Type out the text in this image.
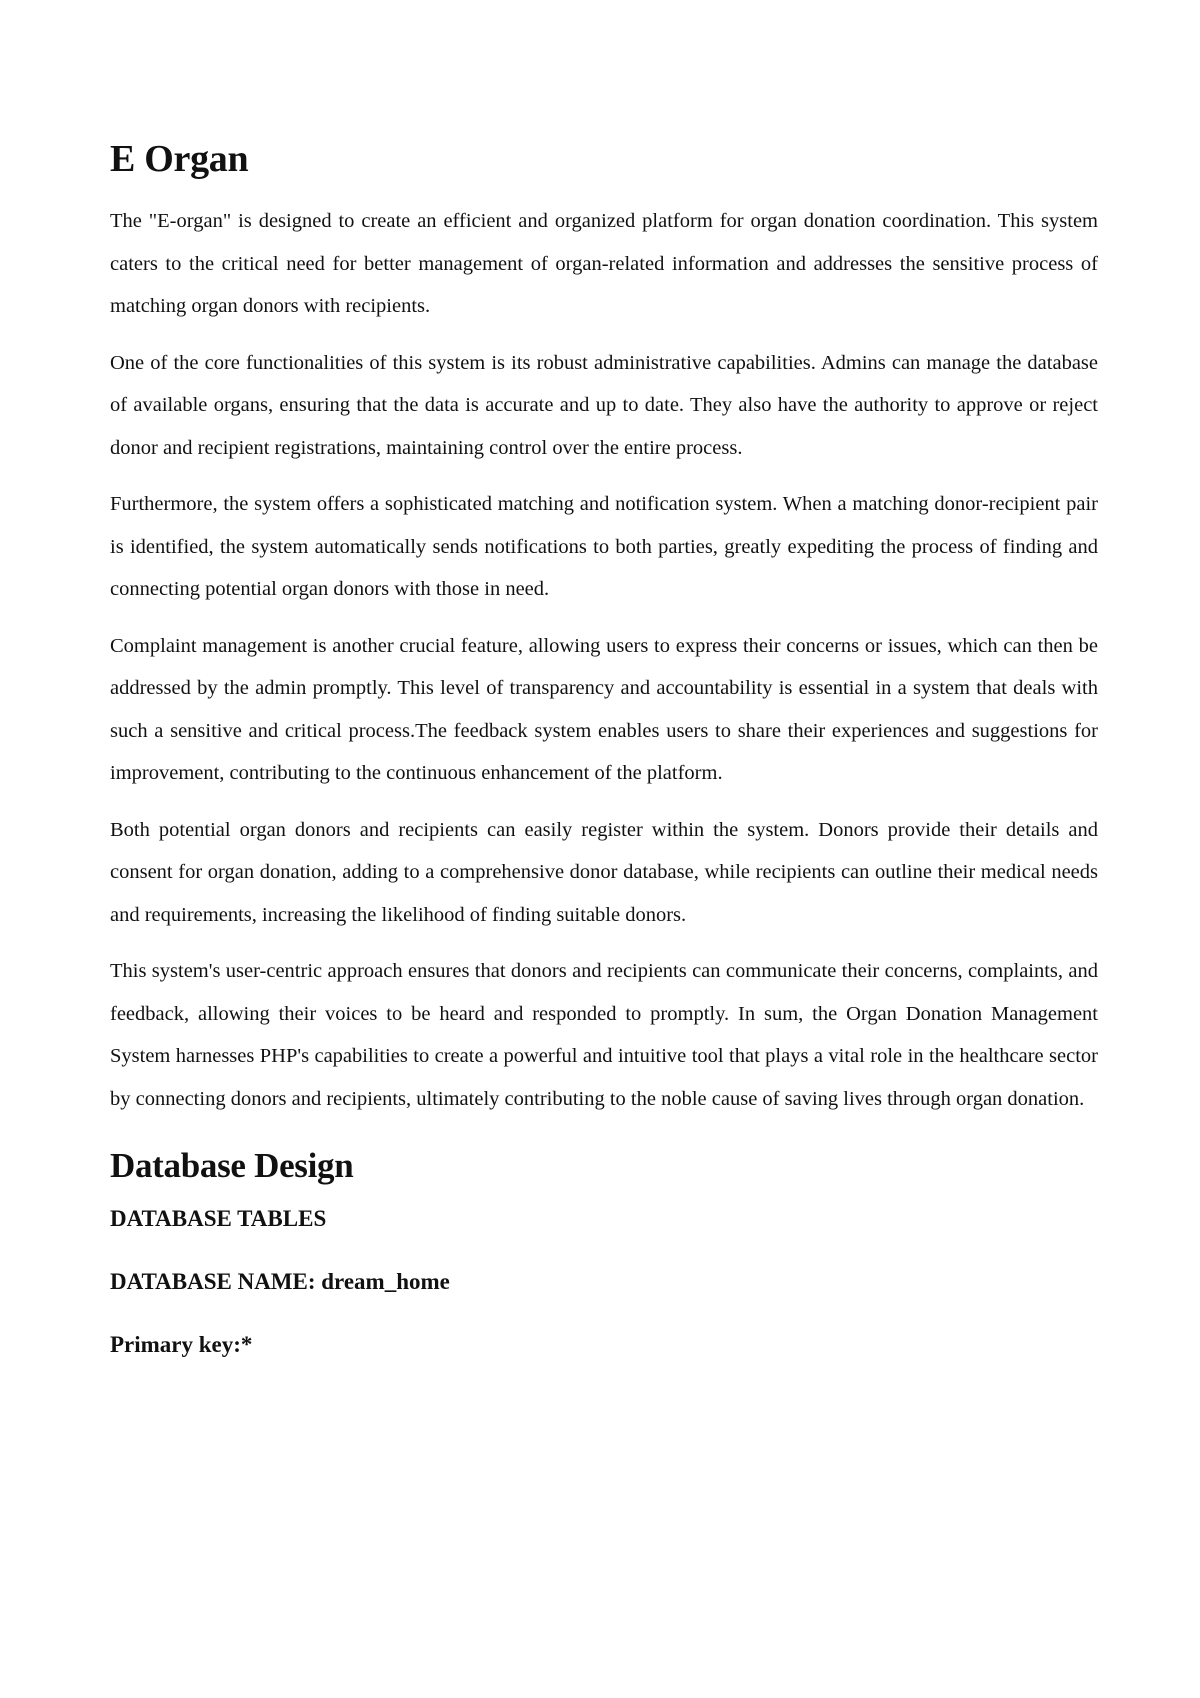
E Organ

The "E-organ" is designed to create an efficient and organized platform for organ donation coordination. This system caters to the critical need for better management of organ-related information and addresses the sensitive process of matching organ donors with recipients.

One of the core functionalities of this system is its robust administrative capabilities. Admins can manage the database of available organs, ensuring that the data is accurate and up to date. They also have the authority to approve or reject donor and recipient registrations, maintaining control over the entire process.

Furthermore, the system offers a sophisticated matching and notification system. When a matching donor-recipient pair is identified, the system automatically sends notifications to both parties, greatly expediting the process of finding and connecting potential organ donors with those in need.

Complaint management is another crucial feature, allowing users to express their concerns or issues, which can then be addressed by the admin promptly. This level of transparency and accountability is essential in a system that deals with such a sensitive and critical process.The feedback system enables users to share their experiences and suggestions for improvement, contributing to the continuous enhancement of the platform.

Both potential organ donors and recipients can easily register within the system. Donors provide their details and consent for organ donation, adding to a comprehensive donor database, while recipients can outline their medical needs and requirements, increasing the likelihood of finding suitable donors.

This system's user-centric approach ensures that donors and recipients can communicate their concerns, complaints, and feedback, allowing their voices to be heard and responded to promptly. In sum, the Organ Donation Management System harnesses PHP's capabilities to create a powerful and intuitive tool that plays a vital role in the healthcare sector by connecting donors and recipients, ultimately contributing to the noble cause of saving lives through organ donation.

Database Design
DATABASE TABLES
DATABASE NAME: dream_home
Primary key:*
